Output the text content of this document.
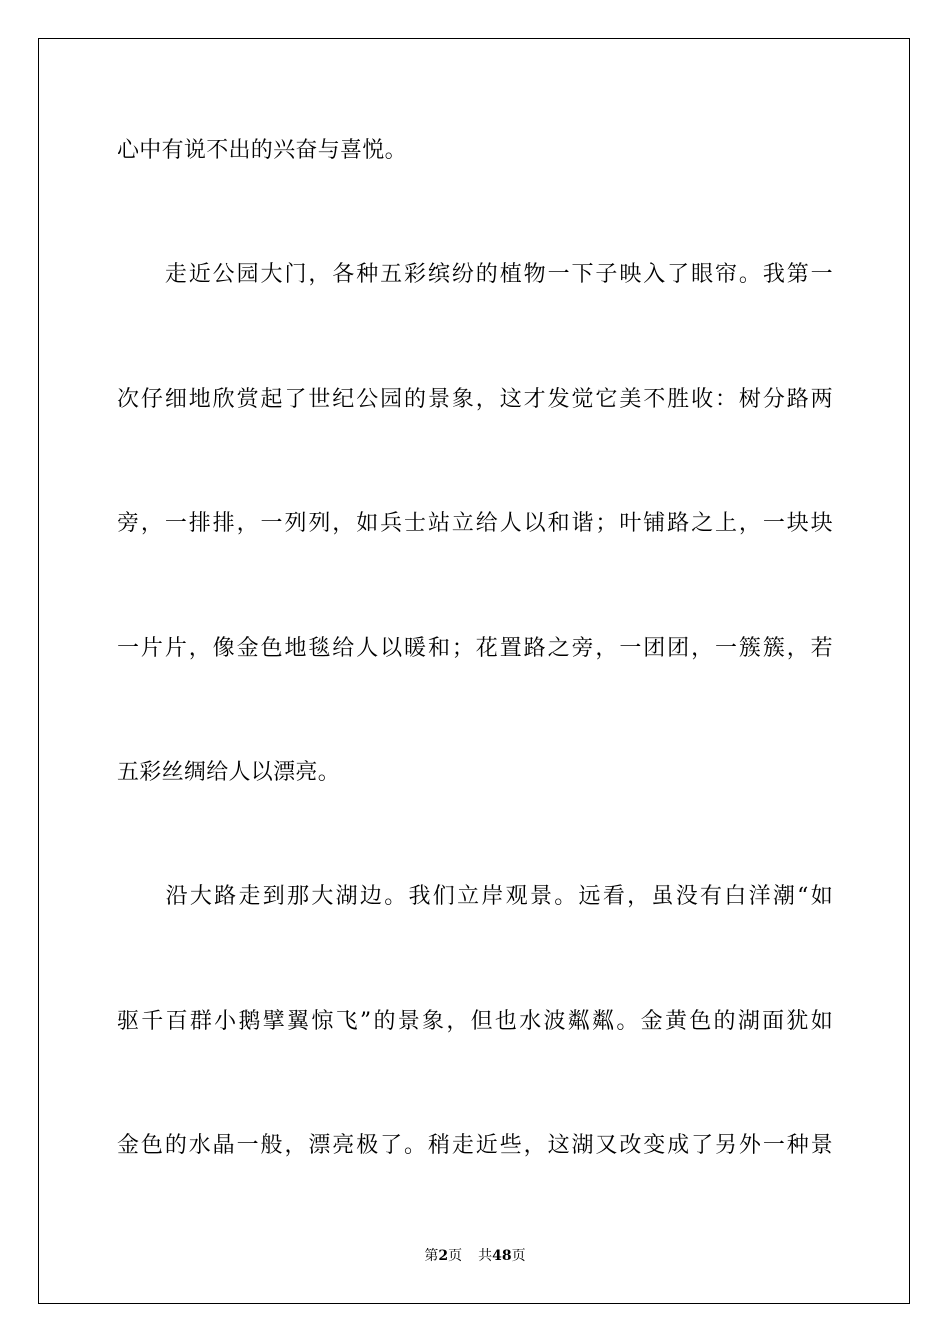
心中有说不出的兴奋与喜悦。
　　走近公园大门，各种五彩缤纷的植物一下子映入了眼帘。我第一
次仔细地欣赏起了世纪公园的景象，这才发觉它美不胜收：树分路两
旁，一排排，一列列，如兵士站立给人以和谐；叶铺路之上，一块块
一片片，像金色地毯给人以暖和；花置路之旁，一团团，一簇簇，若
五彩丝绸给人以漂亮。
　　沿大路走到那大湖边。我们立岸观景。远看，虽没有白洋潮“如
驱千百群小鹅擘翼惊飞”的景象，但也水波粼粼。金黄色的湖面犹如
金色的水晶一般，漂亮极了。稍走近些，这湖又改变成了另外一种景
第2页 共48页
